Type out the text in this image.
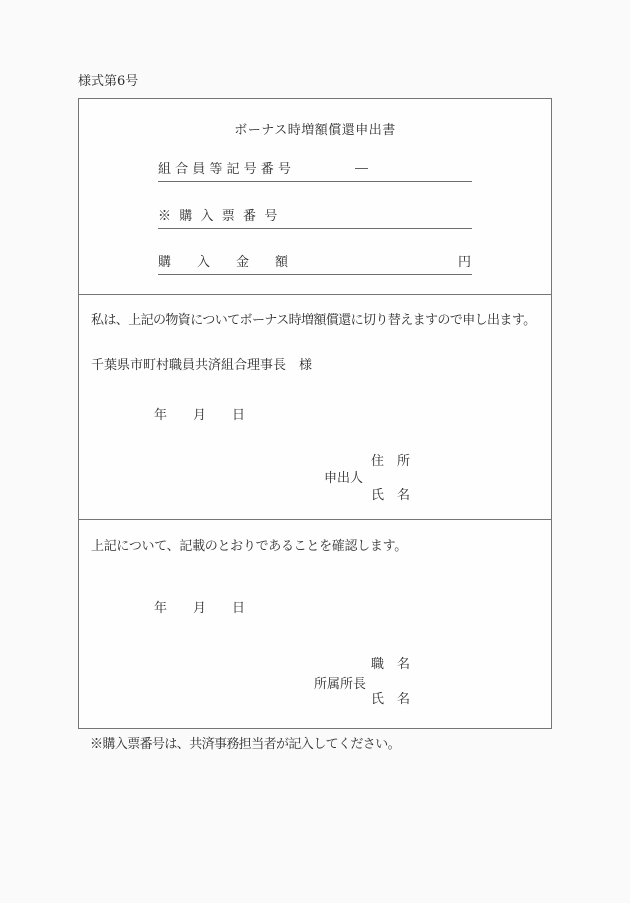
様式第6号
ボーナス時増額償還申出書
組 合 員 等 記 号 番 号	―
※  購  入  票  番  号
購　　入　　金　　額	円
私は、上記の物資についてボーナス時増額償還に切り替えますので申し出ます。
千葉県市町村職員共済組合理事長　様
年　　月　　日
住　所
申出人
氏　名
上記について、記載のとおりであることを確認します。
年　　月　　日
職　名
所属所長
氏　名
※購入票番号は、共済事務担当者が記入してください。
